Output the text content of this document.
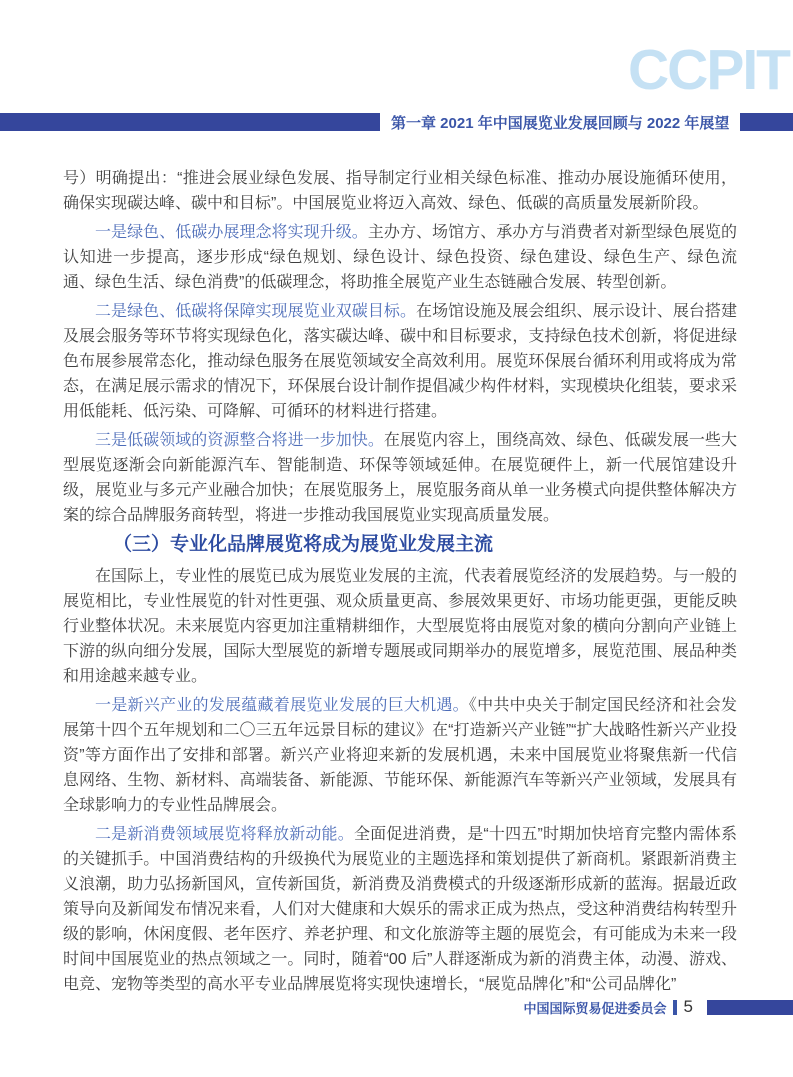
CCPIT
第一章 2021 年中国展览业发展回顾与 2022 年展望

号）明确提出：“推进会展业绿色发展、指导制定行业相关绿色标准、推动办展设施循环使用，确保实现碳达峰、碳中和目标”。中国展览业将迈入高效、绿色、低碳的高质量发展新阶段。

一是绿色、低碳办展理念将实现升级。主办方、场馆方、承办方与消费者对新型绿色展览的认知进一步提高，逐步形成“绿色规划、绿色设计、绿色投资、绿色建设、绿色生产、绿色流通、绿色生活、绿色消费”的低碳理念，将助推全展览产业生态链融合发展、转型创新。

二是绿色、低碳将保障实现展览业双碳目标。在场馆设施及展会组织、展示设计、展台搭建及展会服务等环节将实现绿色化，落实碳达峰、碳中和目标要求，支持绿色技术创新，将促进绿色布展参展常态化，推动绿色服务在展览领域安全高效利用。展览环保展台循环利用或将成为常态，在满足展示需求的情况下，环保展台设计制作提倡减少构件材料，实现模块化组装，要求采用低能耗、低污染、可降解、可循环的材料进行搭建。

三是低碳领域的资源整合将进一步加快。在展览内容上，围绕高效、绿色、低碳发展一些大型展览逐渐会向新能源汽车、智能制造、环保等领域延伸。在展览硬件上，新一代展馆建设升级，展览业与多元产业融合加快；在展览服务上，展览服务商从单一业务模式向提供整体解决方案的综合品牌服务商转型，将进一步推动我国展览业实现高质量发展。

（三）专业化品牌展览将成为展览业发展主流

在国际上，专业性的展览已成为展览业发展的主流，代表着展览经济的发展趋势。与一般的展览相比，专业性展览的针对性更强、观众质量更高、参展效果更好、市场功能更强，更能反映行业整体状况。未来展览内容更加注重精耕细作，大型展览将由展览对象的横向分割向产业链上下游的纵向细分发展，国际大型展览的新增专题展或同期举办的展览增多，展览范围、展品种类和用途越来越专业。

一是新兴产业的发展蕴藏着展览业发展的巨大机遇。《中共中央关于制定国民经济和社会发展第十四个五年规划和二〇三五年远景目标的建议》在“打造新兴产业链”“扩大战略性新兴产业投资”等方面作出了安排和部署。新兴产业将迎来新的发展机遇，未来中国展览业将聚焦新一代信息网络、生物、新材料、高端装备、新能源、节能环保、新能源汽车等新兴产业领域，发展具有全球影响力的专业性品牌展会。

二是新消费领域展览将释放新动能。全面促进消费，是“十四五”时期加快培育完整内需体系的关键抓手。中国消费结构的升级换代为展览业的主题选择和策划提供了新商机。紧跟新消费主义浪潮，助力弘扬新国风，宣传新国货，新消费及消费模式的升级逐渐形成新的蓝海。据最近政策导向及新闻发布情况来看，人们对大健康和大娱乐的需求正成为热点，受这种消费结构转型升级的影响，休闲度假、老年医疗、养老护理、和文化旅游等主题的展览会，有可能成为未来一段时间中国展览业的热点领域之一。同时，随着“00 后”人群逐渐成为新的消费主体，动漫、游戏、电竞、宠物等类型的高水平专业品牌展览将实现快速增长，“展览品牌化”和“公司品牌化”

中国国际贸易促进委员会 5
